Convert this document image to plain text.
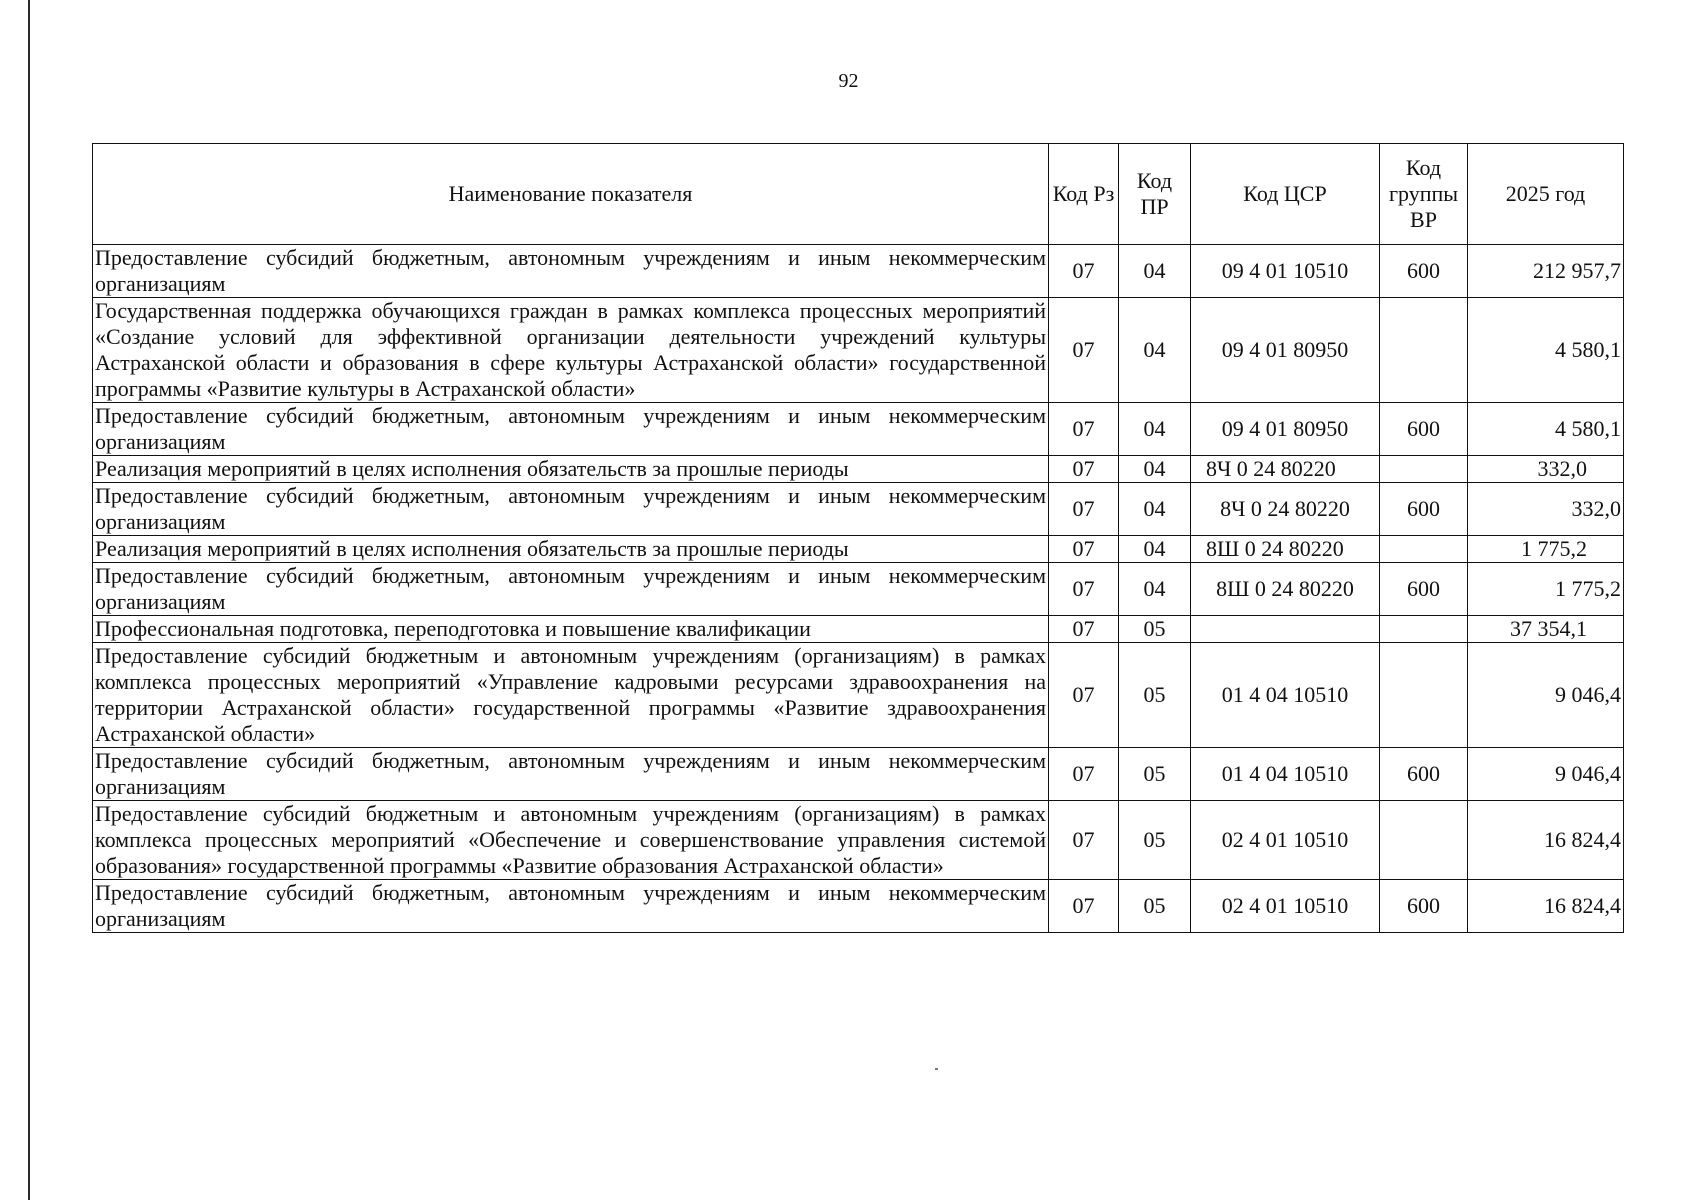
92
Наименование показателя	Код Рз	Код ПР	Код ЦСР	Код группы ВР	2025 год
Предоставление субсидий бюджетным, автономным учреждениям и иным некоммерческим организациям	07	04	09 4 01 10510	600	212 957,7
Государственная поддержка обучающихся граждан в рамках комплекса процессных мероприятий «Создание условий для эффективной организации деятельности учреждений культуры Астраханской области и образования в сфере культуры Астраханской области» государственной программы «Развитие культуры в Астраханской области»	07	04	09 4 01 80950		4 580,1
Предоставление субсидий бюджетным, автономным учреждениям и иным некоммерческим организациям	07	04	09 4 01 80950	600	4 580,1
Реализация мероприятий в целях исполнения обязательств за прошлые периоды	07	04	8Ч 0 24 80220		332,0
Предоставление субсидий бюджетным, автономным учреждениям и иным некоммерческим организациям	07	04	8Ч 0 24 80220	600	332,0
Реализация мероприятий в целях исполнения обязательств за прошлые периоды	07	04	8Ш 0 24 80220		1 775,2
Предоставление субсидий бюджетным, автономным учреждениям и иным некоммерческим организациям	07	04	8Ш 0 24 80220	600	1 775,2
Профессиональная подготовка, переподготовка и повышение квалификации	07	05			37 354,1
Предоставление субсидий бюджетным и автономным учреждениям (организациям) в рамках комплекса процессных мероприятий «Управление кадровыми ресурсами здравоохранения на территории Астраханской области» государственной программы «Развитие здравоохранения Астраханской области»	07	05	01 4 04 10510		9 046,4
Предоставление субсидий бюджетным, автономным учреждениям и иным некоммерческим организациям	07	05	01 4 04 10510	600	9 046,4
Предоставление субсидий бюджетным и автономным учреждениям (организациям) в рамках комплекса процессных мероприятий «Обеспечение и совершенствование управления системой образования» государственной программы «Развитие образования Астраханской области»	07	05	02 4 01 10510		16 824,4
Предоставление субсидий бюджетным, автономным учреждениям и иным некоммерческим организациям	07	05	02 4 01 10510	600	16 824,4
